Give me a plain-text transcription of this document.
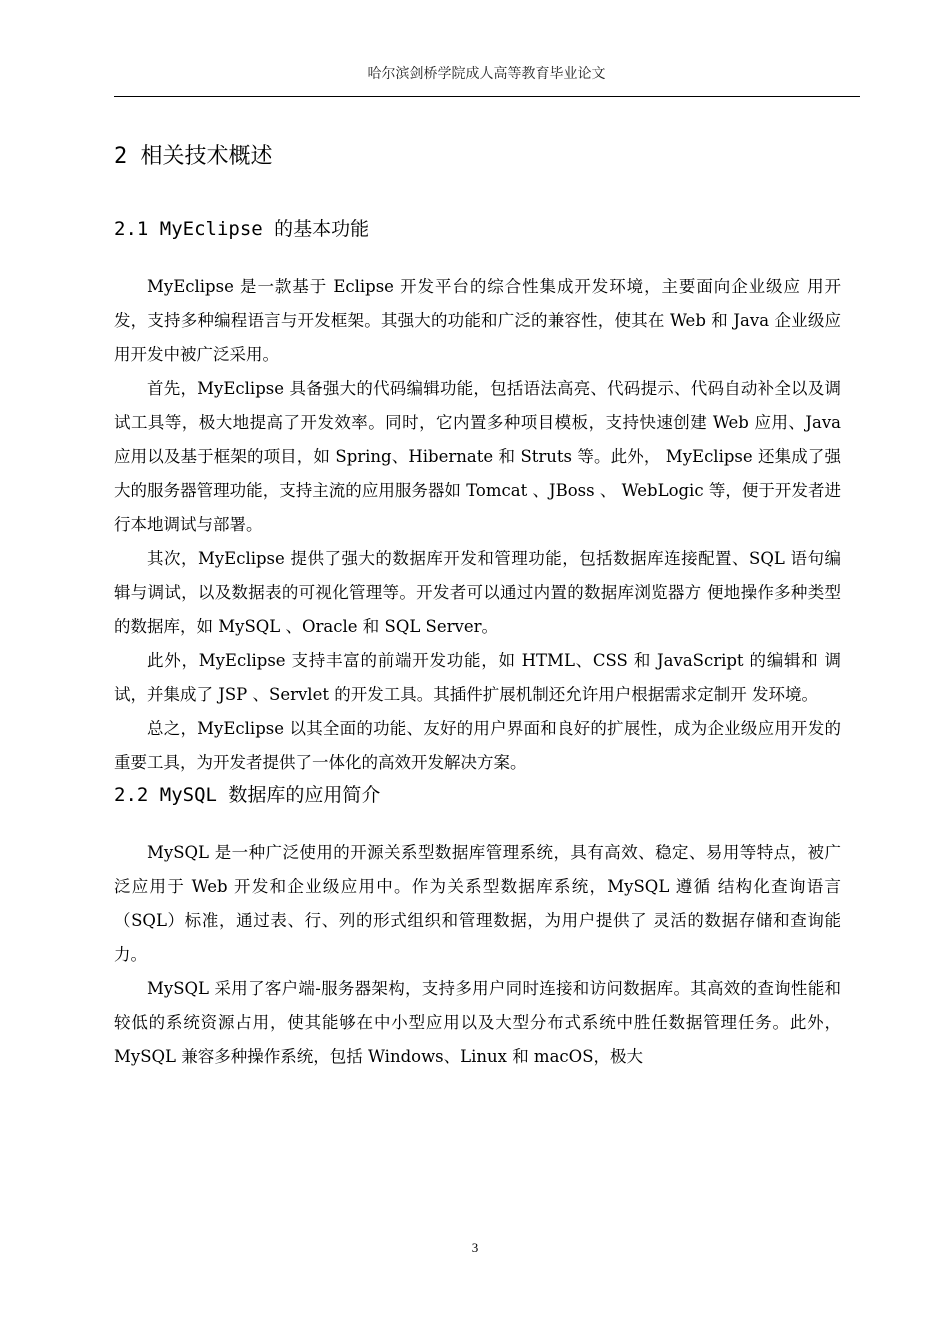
哈尔滨剑桥学院成人高等教育毕业论文
2 相关技术概述
2.1 MyEclipse 的基本功能

MyEclipse 是一款基于 Eclipse 开发平台的综合性集成开发环境，主要面向企业级应 用开发，支持多种编程语言与开发框架。其强大的功能和广泛的兼容性，使其在 Web 和 Java 企业级应用开发中被广泛采用。

首先，MyEclipse 具备强大的代码编辑功能，包括语法高亮、代码提示、代码自动补全以及调试工具等，极大地提高了开发效率。同时，它内置多种项目模板，支持快速创建 Web 应用、Java 应用以及基于框架的项目，如 Spring、Hibernate 和 Struts 等。此外， MyEclipse 还集成了强大的服务器管理功能，支持主流的应用服务器如 Tomcat 、JBoss 、 WebLogic 等，便于开发者进行本地调试与部署。

其次，MyEclipse 提供了强大的数据库开发和管理功能，包括数据库连接配置、SQL 语句编辑与调试，以及数据表的可视化管理等。开发者可以通过内置的数据库浏览器方 便地操作多种类型的数据库，如 MySQL 、Oracle 和 SQL Server。

此外，MyEclipse 支持丰富的前端开发功能，如 HTML、CSS 和 JavaScript 的编辑和 调试，并集成了 JSP 、Servlet 的开发工具。其插件扩展机制还允许用户根据需求定制开 发环境。

总之，MyEclipse 以其全面的功能、友好的用户界面和良好的扩展性，成为企业级应用开发的重要工具，为开发者提供了一体化的高效开发解决方案。

2.2 MySQL 数据库的应用简介

MySQL 是一种广泛使用的开源关系型数据库管理系统，具有高效、稳定、易用等特点，被广泛应用于 Web 开发和企业级应用中。作为关系型数据库系统，MySQL 遵循 结构化查询语言（SQL）标准，通过表、行、列的形式组织和管理数据，为用户提供了 灵活的数据存储和查询能力。

MySQL 采用了客户端-服务器架构，支持多用户同时连接和访问数据库。其高效的查询性能和较低的系统资源占用，使其能够在中小型应用以及大型分布式系统中胜任数据管理任务。此外，MySQL 兼容多种操作系统，包括 Windows、Linux 和 macOS，极大

3
